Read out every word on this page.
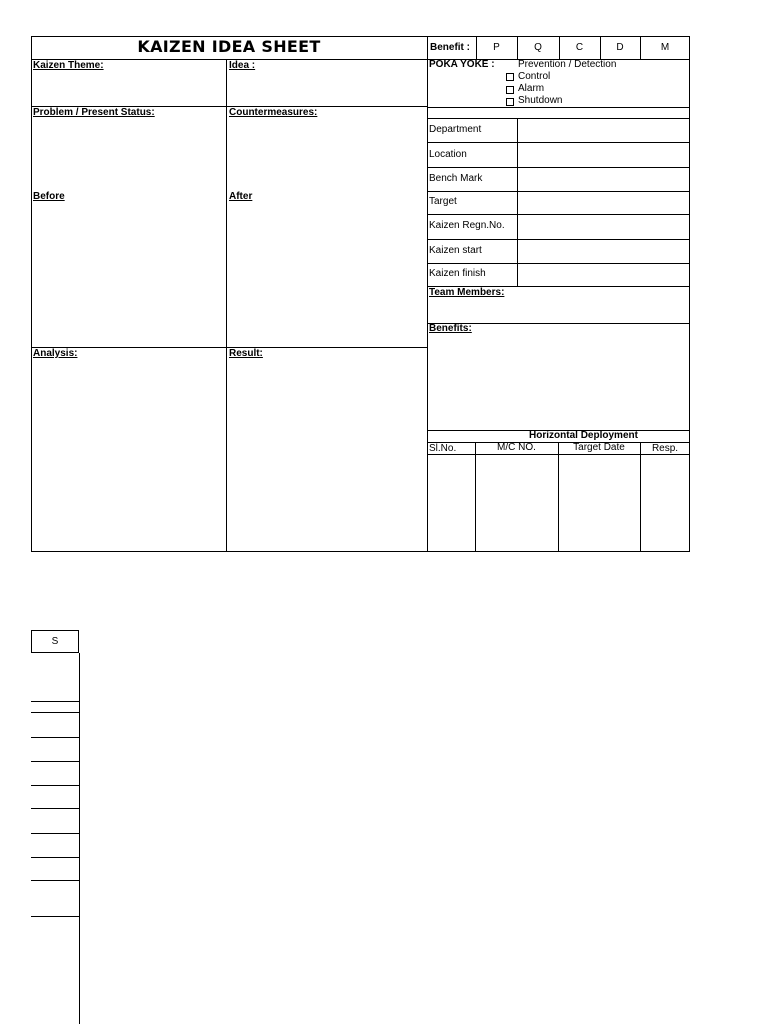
KAIZEN IDEA SHEET	Benefit :	P	Q	C	D	M
Kaizen Theme:	Idea :
Problem / Present Status:	Countermeasures:
Before	After
Analysis:	Result:
POKA YOKE : Prevention / Detection
Control
Alarm
Shutdown
Department
Location
Bench Mark
Target
Kaizen Regn.No.
Kaizen start
Kaizen finish
Team Members:
Benefits:
Horizontal Deployment
Sl.No.	M/C NO.	Target Date	Resp.
S
